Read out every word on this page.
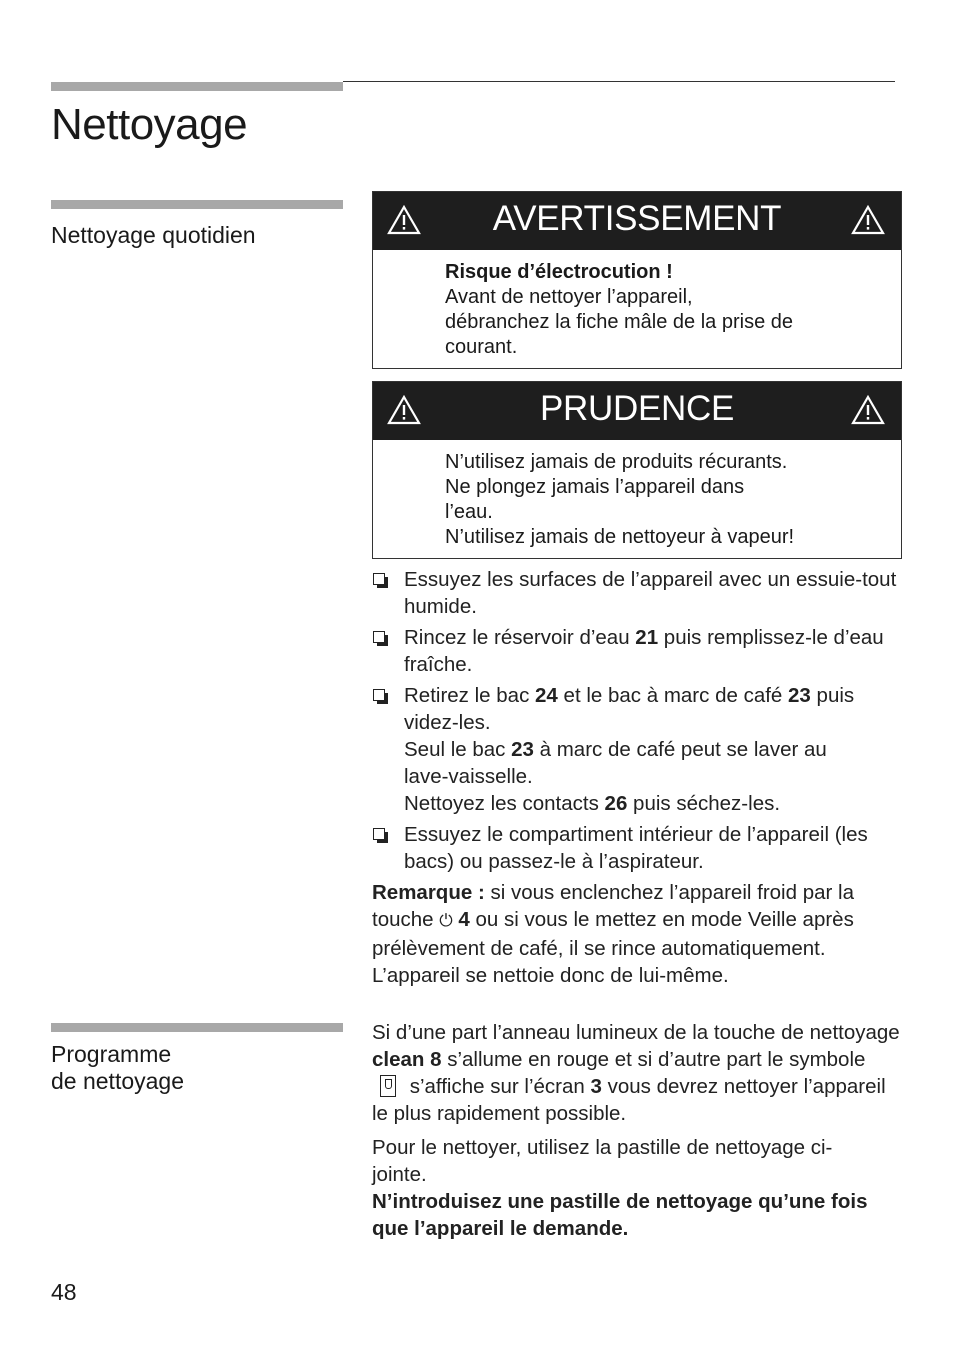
Nettoyage
Nettoyage quotidien	AVERTISSEMENT
Risque d’électrocution !
Avant de nettoyer l’appareil,
débranchez la fiche mâle de la prise de
courant.
PRUDENCE
N’utilisez jamais de produits récurants.
Ne plongez jamais l’appareil dans
l’eau.
N’utilisez jamais de nettoyeur à vapeur!
Essuyez les surfaces de l’appareil avec un essuie-tout humide.
Rincez le réservoir d’eau 21 puis remplissez-le d’eau fraîche.
Retirez le bac 24 et le bac à marc de café 23 puis videz-les.
Seul le bac 23 à marc de café peut se laver au lave-vaisselle.
Nettoyez les contacts 26 puis séchez-les.
Essuyez le compartiment intérieur de l’appareil (les bacs) ou passez-le à l’aspirateur.

Remarque : si vous enclenchez l’appareil froid par la touche ⏻ 4 ou si vous le mettez en mode Veille après prélèvement de café, il se rince automatiquement. L’appareil se nettoie donc de lui-même.

Programme
de nettoyage

Si d’une part l’anneau lumineux de la touche de nettoyage clean 8 s’allume en rouge et si d’autre part le symbole  s’affiche sur l’écran 3 vous devrez nettoyer l’appareil le plus rapidement possible.

Pour le nettoyer, utilisez la pastille de nettoyage ci-jointe.

N’introduisez une pastille de nettoyage qu’une fois que l’appareil le demande.

48
